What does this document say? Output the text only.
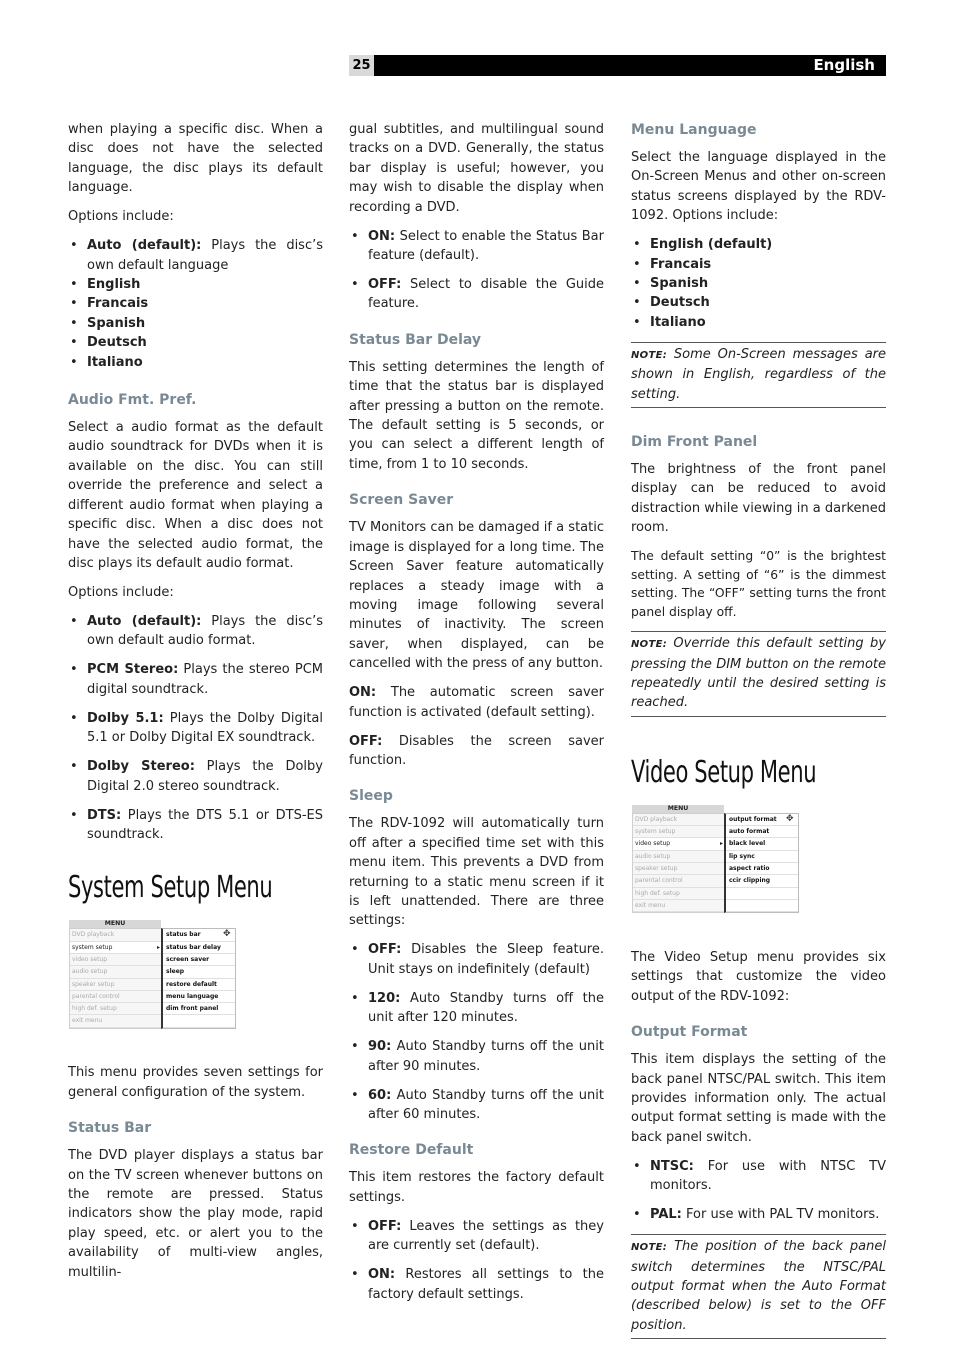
25	English

when playing a specific disc. When a disc does not have the selected language, the disc plays its default language.

Options include:

• Auto (default): Plays the disc’s own default language
• English
• Francais
• Spanish
• Deutsch
• Italiano
Audio Fmt. Pref.

Select a audio format as the default audio soundtrack for DVDs when it is available on the disc. You can still override the preference and select a different audio format when playing a specific disc. When a disc does not have the selected audio format, the disc plays its default audio format.

Options include:

• Auto (default): Plays the disc’s own default audio format.
• PCM Stereo: Plays the stereo PCM digital soundtrack.
• Dolby 5.1: Plays the Dolby Digital 5.1 or Dolby Digital EX soundtrack.
• Dolby Stereo: Plays the Dolby Digital 2.0 stereo soundtrack.
• DTS: Plays the DTS 5.1 or DTS-ES soundtrack.
System Setup Menu
MENU
DVD playback
system setup ▸
video setup
audio setup
speaker setup
parental control
high def. setup
exit menu
status bar
status bar delay
screen saver
sleep
restore default
menu language
dim front panel
✥

This menu provides seven settings for general configuration of the system.

Status Bar

The DVD player displays a status bar on the TV screen whenever buttons on the remote are pressed. Status indicators show the play mode, rapid play speed, etc. or alert you to the availability of multi-view angles, multilin-

gual subtitles, and multilingual sound tracks on a DVD. Generally, the status bar display is useful; however, you may wish to disable the display when recording a DVD.

• ON: Select to enable the Status Bar feature (default).
• OFF: Select to disable the Guide feature.
Status Bar Delay

This setting determines the length of time that the status bar is displayed after pressing a button on the remote. The default setting is 5 seconds, or you can select a different length of time, from 1 to 10 seconds.

Screen Saver

TV Monitors can be damaged if a static image is displayed for a long time. The Screen Saver feature automatically replaces a steady image with a moving image following several minutes of inactivity. The screen saver, when displayed, can be cancelled with the press of any button.

ON: The automatic screen saver function is activated (default setting).

OFF: Disables the screen saver function.

Sleep

The RDV-1092 will automatically turn off after a specified time set with this menu item. This prevents a DVD from returning to a static menu screen if it is left unattended. There are three settings:

• OFF: Disables the Sleep feature. Unit stays on indefinitely (default)
• 120: Auto Standby turns off the unit after 120 minutes.
• 90: Auto Standby turns off the unit after 90 minutes.
• 60: Auto Standby turns off the unit after 60 minutes.
Restore Default

This item restores the factory default settings.

• OFF: Leaves the settings as they are currently set (default).
• ON: Restores all settings to the factory default settings.
Menu Language

Select the language displayed in the On-Screen Menus and other on-screen status screens displayed by the RDV-1092. Options include:

• English (default)
• Francais
• Spanish
• Deutsch
• Italiano
NOTE: Some On-Screen messages are shown in English, regardless of the setting.
Dim Front Panel

The brightness of the front panel display can be reduced to avoid distraction while viewing in a darkened room.

The default setting “0” is the brightest setting. A setting of “6” is the dimmest setting. The “OFF” setting turns the front panel display off.

NOTE: Override this default setting by pressing the DIM button on the remote repeatedly until the desired setting is reached.
Video Setup Menu
MENU
DVD playback
system setup
video setup ▸
audio setup
speaker setup
parental control
high def. setup
exit menu
output format
auto format
black level
lip sync
aspect ratio
ccir clipping
✥

The Video Setup menu provides six settings that customize the video output of the RDV-1092:

Output Format

This item displays the setting of the back panel NTSC/PAL switch. This item provides information only. The actual output format setting is made with the back panel switch.

• NTSC: For use with NTSC TV monitors.
• PAL: For use with PAL TV monitors.
NOTE: The position of the back panel switch determines the NTSC/PAL output format when the Auto Format (described below) is set to the OFF position.
